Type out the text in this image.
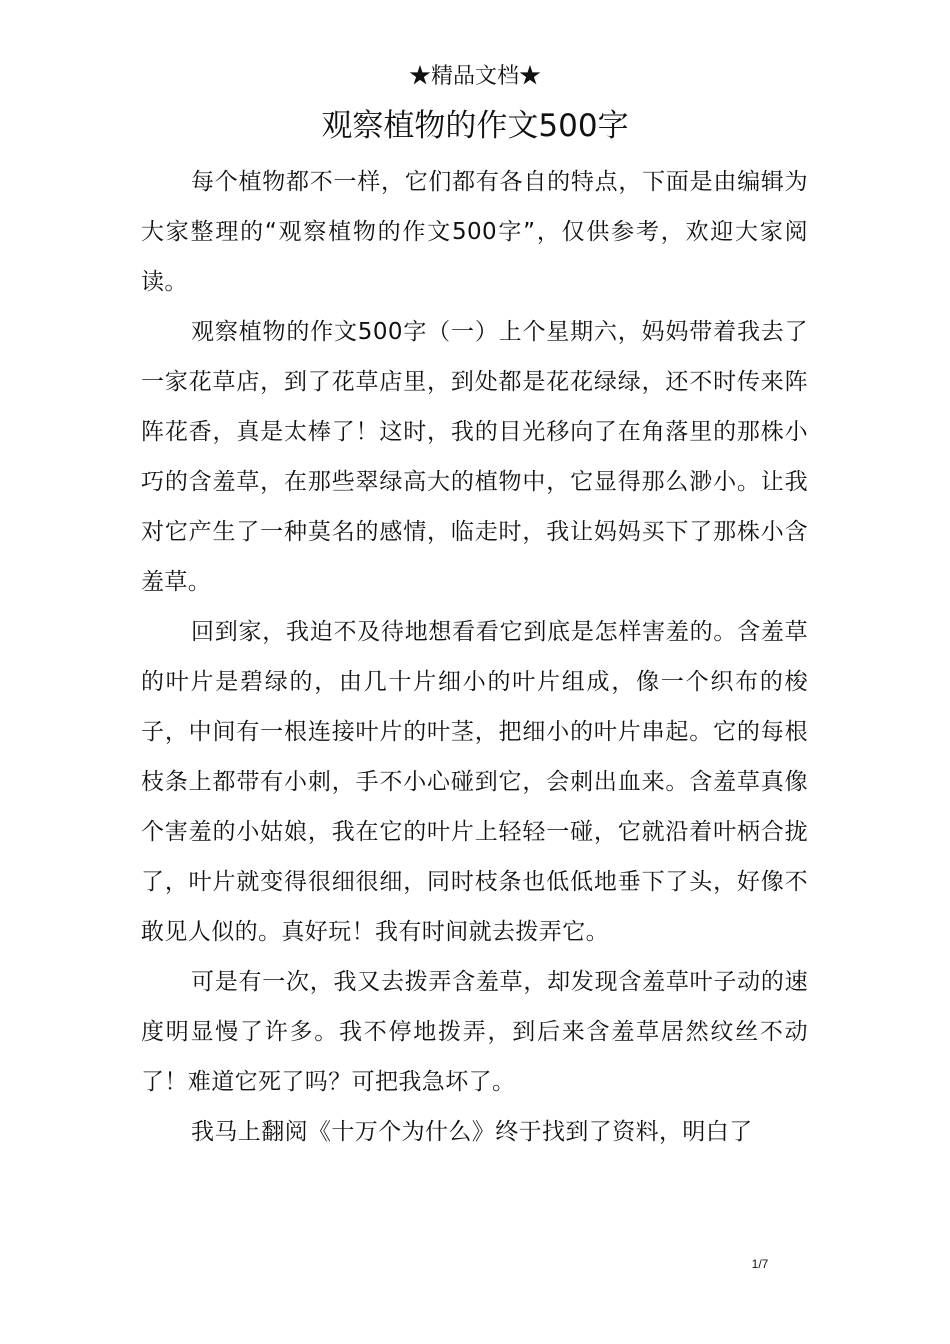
★精品文档★
观察植物的作文500字

每个植物都不一样，它们都有各自的特点，下面是由编辑为大家整理的“观察植物的作文500字”，仅供参考，欢迎大家阅读。

观察植物的作文500字（一）上个星期六，妈妈带着我去了一家花草店，到了花草店里，到处都是花花绿绿，还不时传来阵阵花香，真是太棒了！这时，我的目光移向了在角落里的那株小巧的含羞草，在那些翠绿高大的植物中，它显得那么渺小。让我对它产生了一种莫名的感情，临走时，我让妈妈买下了那株小含羞草。

回到家，我迫不及待地想看看它到底是怎样害羞的。含羞草的叶片是碧绿的，由几十片细小的叶片组成，像一个织布的梭子，中间有一根连接叶片的叶茎，把细小的叶片串起。它的每根枝条上都带有小刺，手不小心碰到它，会刺出血来。含羞草真像个害羞的小姑娘，我在它的叶片上轻轻一碰，它就沿着叶柄合拢了，叶片就变得很细很细，同时枝条也低低地垂下了头，好像不敢见人似的。真好玩！我有时间就去拨弄它。

可是有一次，我又去拨弄含羞草，却发现含羞草叶子动的速度明显慢了许多。我不停地拨弄，到后来含羞草居然纹丝不动了！难道它死了吗？可把我急坏了。

我马上翻阅《十万个为什么》终于找到了资料，明白了

1/7
